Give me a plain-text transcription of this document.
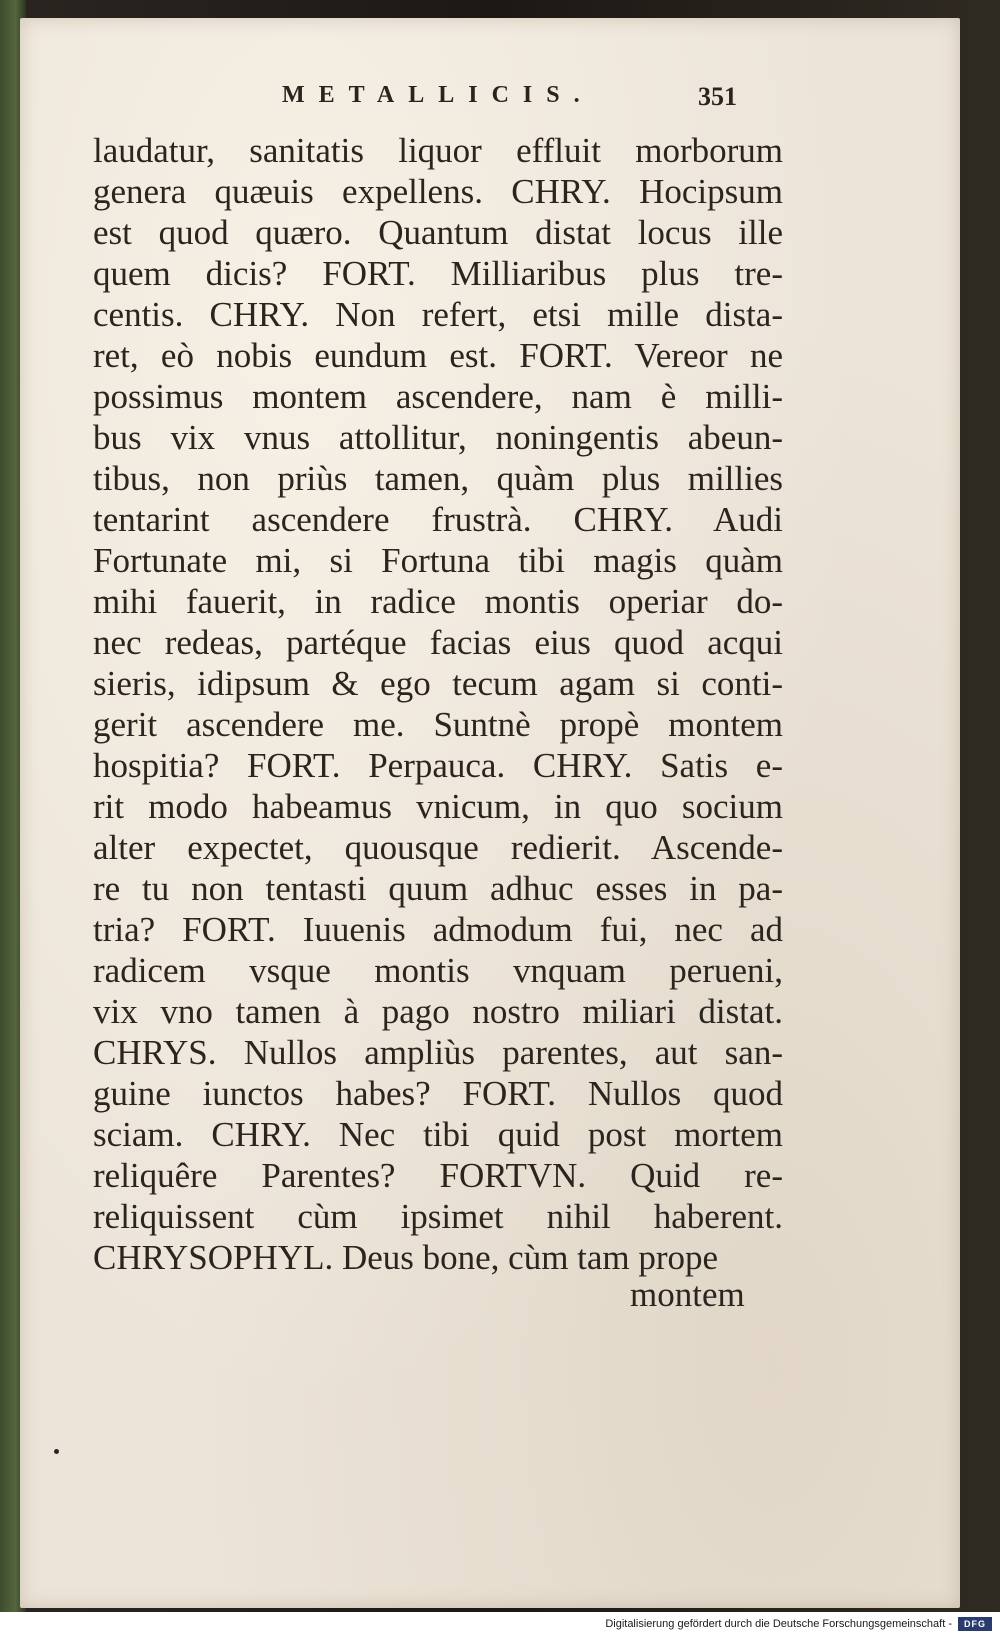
METALLICIS.	351
laudatur, sanitatis liquor effluit morborum
genera quæuis expellens. CHRY. Hocipsum
est quod quæro. Quantum distat locus ille
quem dicis? FORT. Milliaribus plus tre-
centis. CHRY. Non refert, etsi mille dista-
ret, eò nobis eundum est. FORT. Vereor ne
possimus montem ascendere, nam è milli-
bus vix vnus attollitur, noningentis abeun-
tibus, non priùs tamen, quàm plus millies
tentarint ascendere frustrà. CHRY. Audi
Fortunate mi, si Fortuna tibi magis quàm
mihi fauerit, in radice montis operiar do-
nec redeas, partéque facias eius quod acqui
sieris, idipsum & ego tecum agam si conti-
gerit ascendere me. Suntnè propè montem
hospitia? FORT. Perpauca. CHRY. Satis e-
rit modo habeamus vnicum, in quo socium
alter expectet, quousque redierit. Ascende-
re tu non tentasti quum adhuc esses in pa-
tria? FORT. Iuuenis admodum fui, nec ad
radicem vsque montis vnquam perueni,
vix vno tamen à pago nostro miliari distat.
CHRYS. Nullos ampliùs parentes, aut san-
guine iunctos habes? FORT. Nullos quod
sciam. CHRY. Nec tibi quid post mortem
reliquêre Parentes? FORTVN. Quid re-
reliquissent cùm ipsimet nihil haberent.
CHRYSOPHYL. Deus bone, cùm tam prope
montem
Digitalisierung gefördert durch die Deutsche Forschungsgemeinschaft -	DFG
